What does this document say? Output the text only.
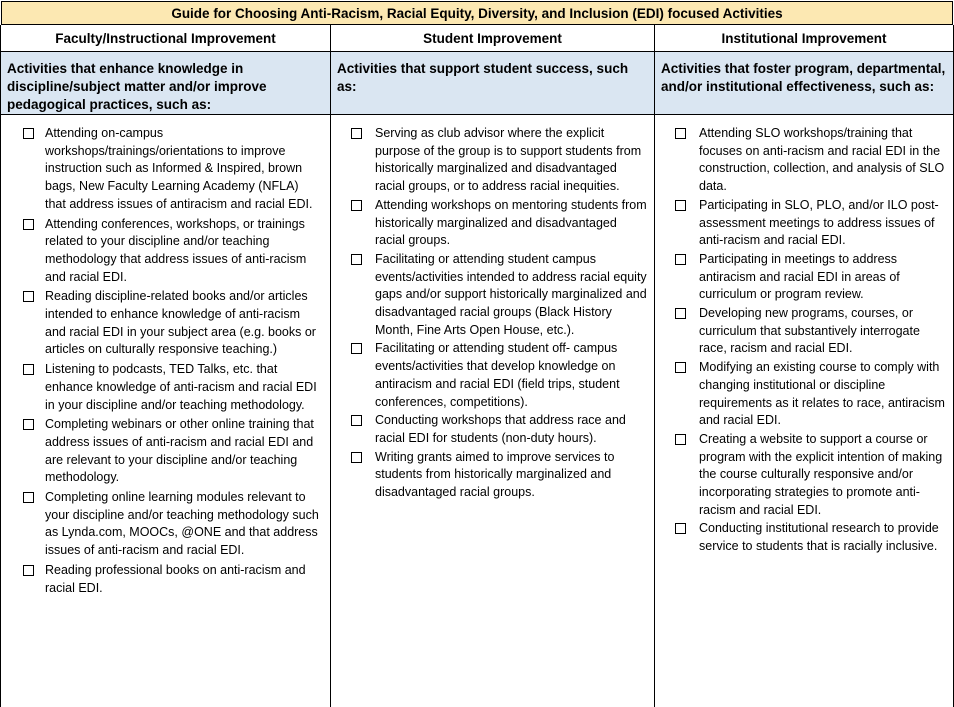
Guide for Choosing Anti-Racism, Racial Equity, Diversity, and Inclusion (EDI) focused Activities
Faculty/Instructional Improvement	Student Improvement	Institutional Improvement
Activities that enhance knowledge in discipline/subject matter and/or improve pedagogical practices, such as:
Activities that support student success, such as:
Activities that foster program, departmental, and/or institutional effectiveness, such as:
Attending on-campus workshops/trainings/orientations to improve instruction such as Informed & Inspired, brown bags, New Faculty Learning Academy (NFLA) that address issues of antiracism and racial EDI.
Attending conferences, workshops, or trainings related to your discipline and/or teaching methodology that address issues of anti-racism and racial EDI.
Reading discipline-related books and/or articles intended to enhance knowledge of anti-racism and racial EDI in your subject area (e.g. books or articles on culturally responsive teaching.)
Listening to podcasts, TED Talks, etc. that enhance knowledge of anti-racism and racial EDI in your discipline and/or teaching methodology.
Completing webinars or other online training that address issues of anti-racism and racial EDI and are relevant to your discipline and/or teaching methodology.
Completing online learning modules relevant to your discipline and/or teaching methodology such as Lynda.com, MOOCs, @ONE and that address issues of anti-racism and racial EDI.
Reading professional books on anti-racism and racial EDI.
Serving as club advisor where the explicit purpose of the group is to support students from historically marginalized and disadvantaged racial groups, or to address racial inequities.
Attending workshops on mentoring students from historically marginalized and disadvantaged racial groups.
Facilitating or attending student campus events/activities intended to address racial equity gaps and/or support historically marginalized and disadvantaged racial groups (Black History Month, Fine Arts Open House, etc.).
Facilitating or attending student off- campus events/activities that develop knowledge on antiracism and racial EDI (field trips, student conferences, competitions).
Conducting workshops that address race and racial EDI for students (non-duty hours).
Writing grants aimed to improve services to students from historically marginalized and disadvantaged racial groups.
Attending SLO workshops/training that focuses on anti-racism and racial EDI in the construction, collection, and analysis of SLO data.
Participating in SLO, PLO, and/or ILO post-assessment meetings to address issues of anti-racism and racial EDI.
Participating in meetings to address antiracism and racial EDI in areas of curriculum or program review.
Developing new programs, courses, or curriculum that substantively interrogate race, racism and racial EDI.
Modifying an existing course to comply with changing institutional or discipline requirements as it relates to race, antiracism and racial EDI.
Creating a website to support a course or program with the explicit intention of making the course culturally responsive and/or incorporating strategies to promote anti-racism and racial EDI.
Conducting institutional research to provide service to students that is racially inclusive.
